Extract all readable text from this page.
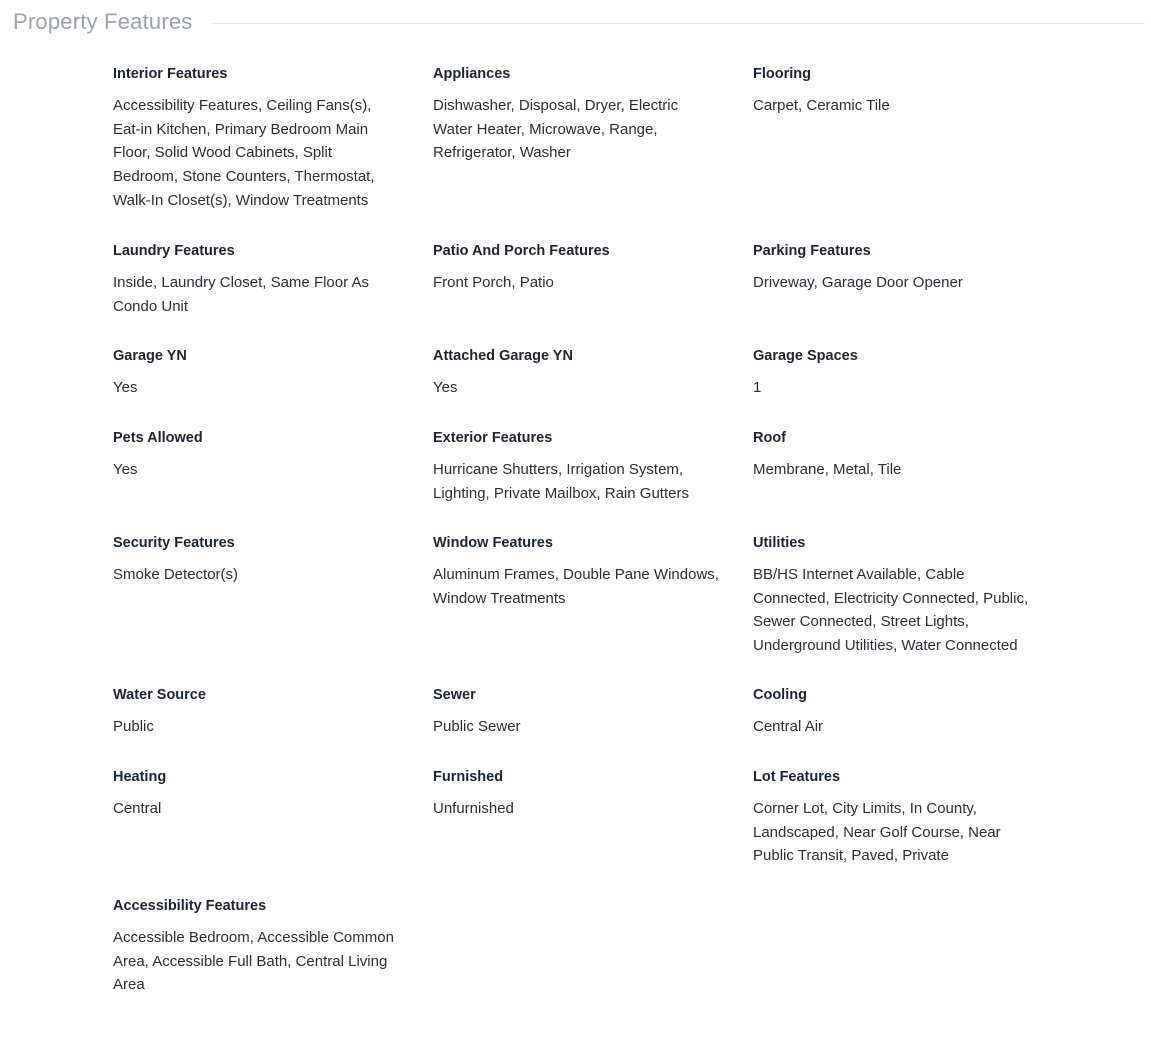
Property Features
Interior Features
Accessibility Features, Ceiling Fans(s), Eat-in Kitchen, Primary Bedroom Main Floor, Solid Wood Cabinets, Split Bedroom, Stone Counters, Thermostat, Walk-In Closet(s), Window Treatments
Appliances
Dishwasher, Disposal, Dryer, Electric Water Heater, Microwave, Range, Refrigerator, Washer
Flooring
Carpet, Ceramic Tile
Laundry Features
Inside, Laundry Closet, Same Floor As Condo Unit
Patio And Porch Features
Front Porch, Patio
Parking Features
Driveway, Garage Door Opener
Garage YN
Yes
Attached Garage YN
Yes
Garage Spaces
1
Pets Allowed
Yes
Exterior Features
Hurricane Shutters, Irrigation System, Lighting, Private Mailbox, Rain Gutters
Roof
Membrane, Metal, Tile
Security Features
Smoke Detector(s)
Window Features
Aluminum Frames, Double Pane Windows, Window Treatments
Utilities
BB/HS Internet Available, Cable Connected, Electricity Connected, Public, Sewer Connected, Street Lights, Underground Utilities, Water Connected
Water Source
Public
Sewer
Public Sewer
Cooling
Central Air
Heating
Central
Furnished
Unfurnished
Lot Features
Corner Lot, City Limits, In County, Landscaped, Near Golf Course, Near Public Transit, Paved, Private
Accessibility Features
Accessible Bedroom, Accessible Common Area, Accessible Full Bath, Central Living Area
